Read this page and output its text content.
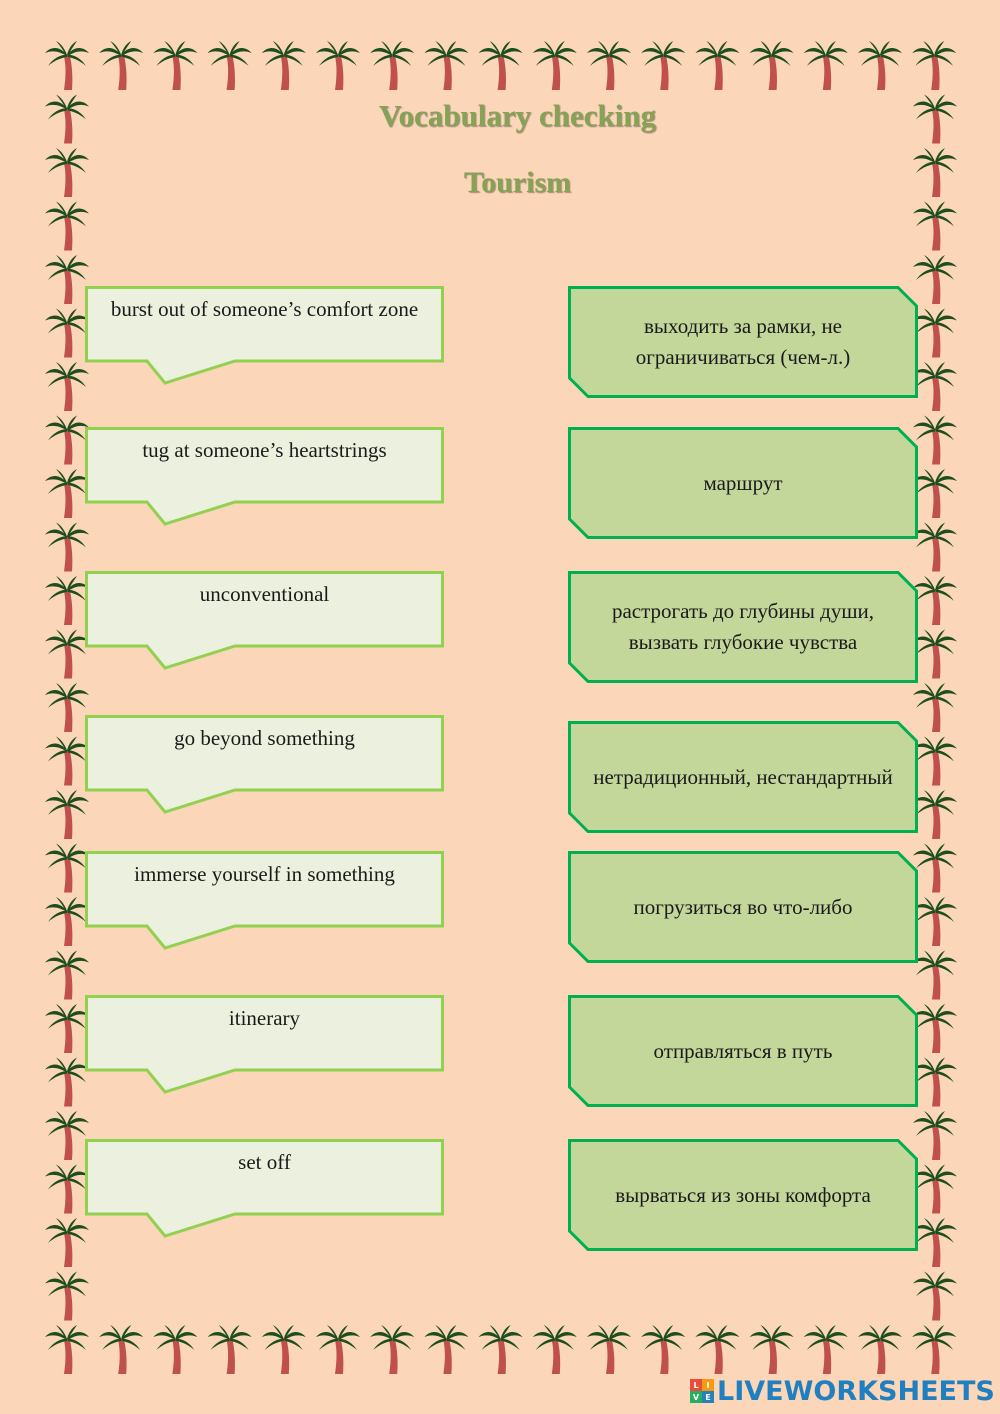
Vocabulary checking
Tourism
burst out of someone’s comfort zone
tug at someone’s heartstrings
unconventional
go beyond something
immerse yourself in something
itinerary
set off
выходить за рамки, не ограничиваться (чем-л.)
маршрут
растрогать до глубины души, вызвать глубокие чувства
нетрадиционный, нестандартный
погрузиться во что-либо
отправляться в путь
вырваться из зоны комфорта
L I
V E LIVEWORKSHEETS
